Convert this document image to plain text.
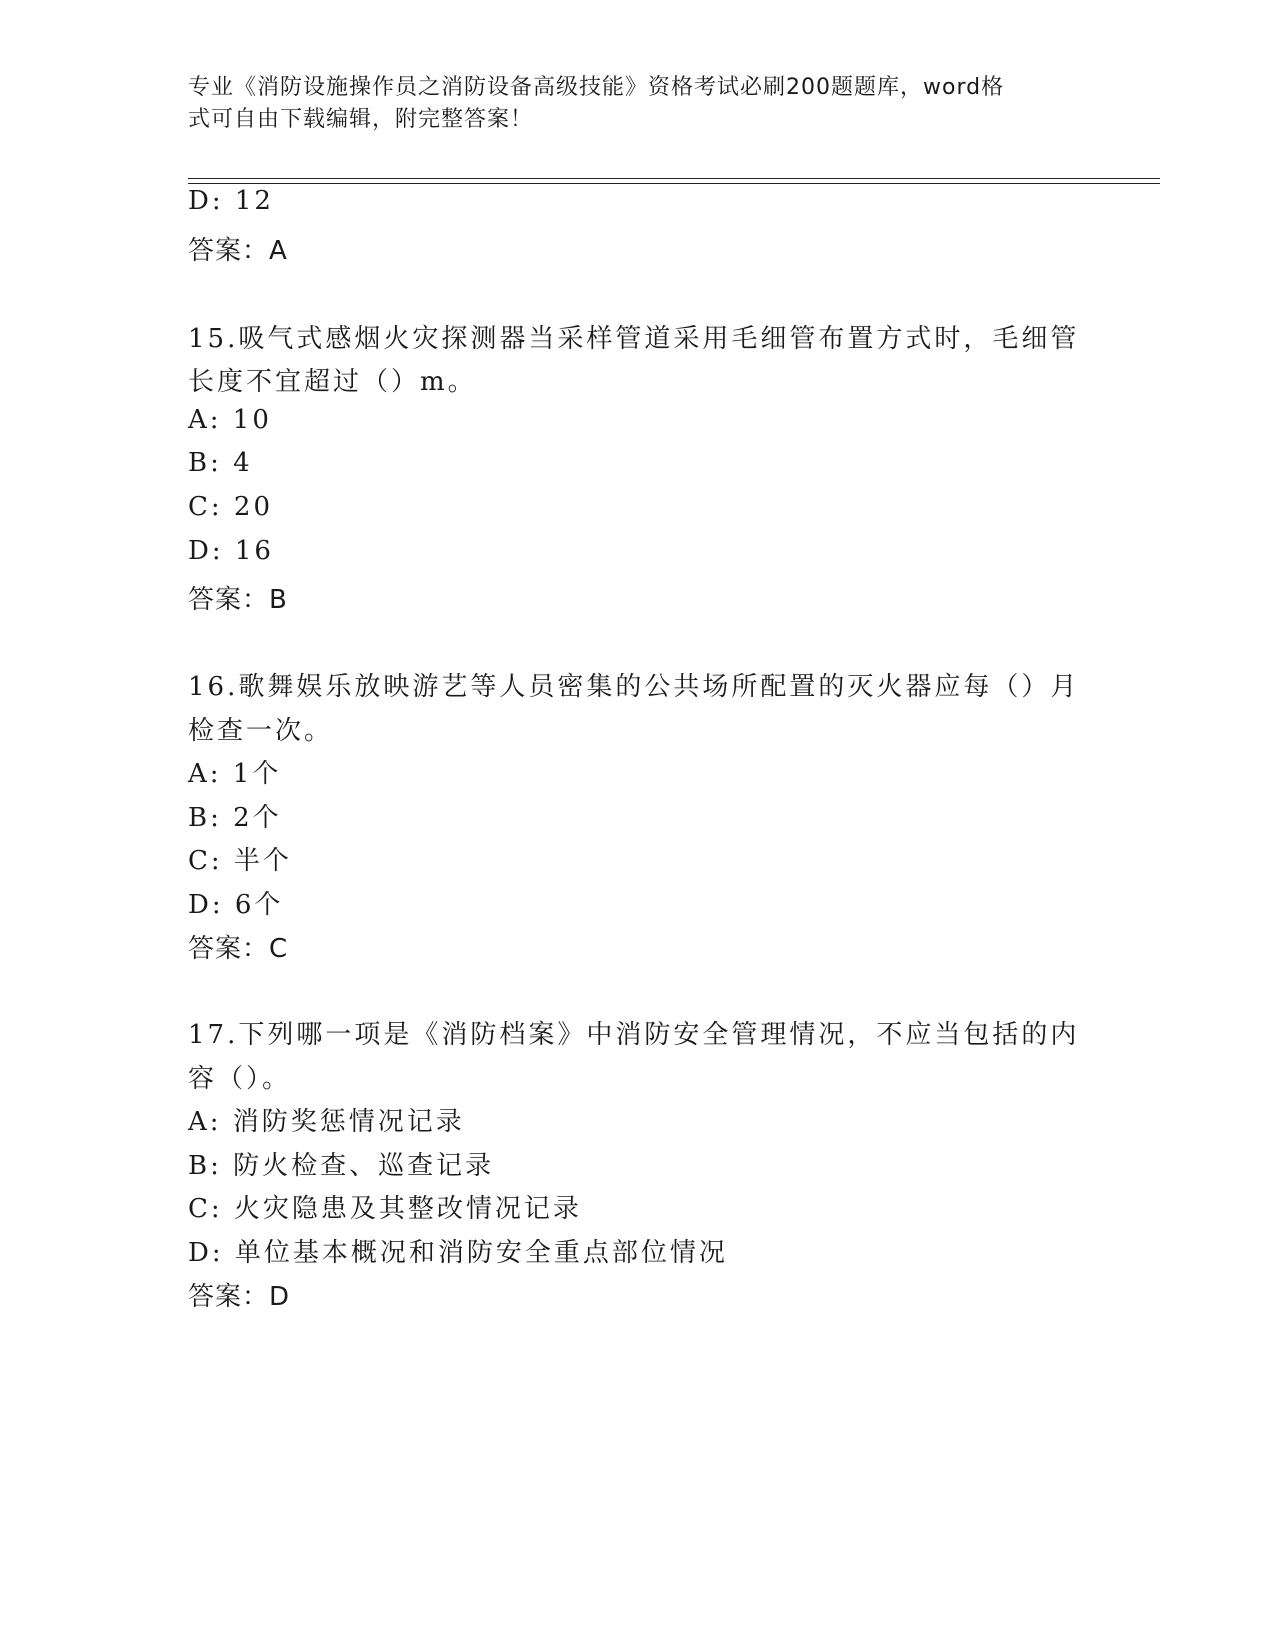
专业《消防设施操作员之消防设备高级技能》资格考试必刷200题题库，word格
式可自由下载编辑，附完整答案！
D: 12
答案：A
15.吸气式感烟火灾探测器当采样管道采用毛细管布置方式时，毛细管
长度不宜超过（）m。
A: 10
B: 4
C: 20
D: 16
答案：B
16.歌舞娱乐放映游艺等人员密集的公共场所配置的灭火器应每（）月
检查一次。
A: 1个
B: 2个
C: 半个
D: 6个
答案：C
17.下列哪一项是《消防档案》中消防安全管理情况，不应当包括的内
容（）。
A: 消防奖惩情况记录
B: 防火检查、巡查记录
C: 火灾隐患及其整改情况记录
D: 单位基本概况和消防安全重点部位情况
答案：D
